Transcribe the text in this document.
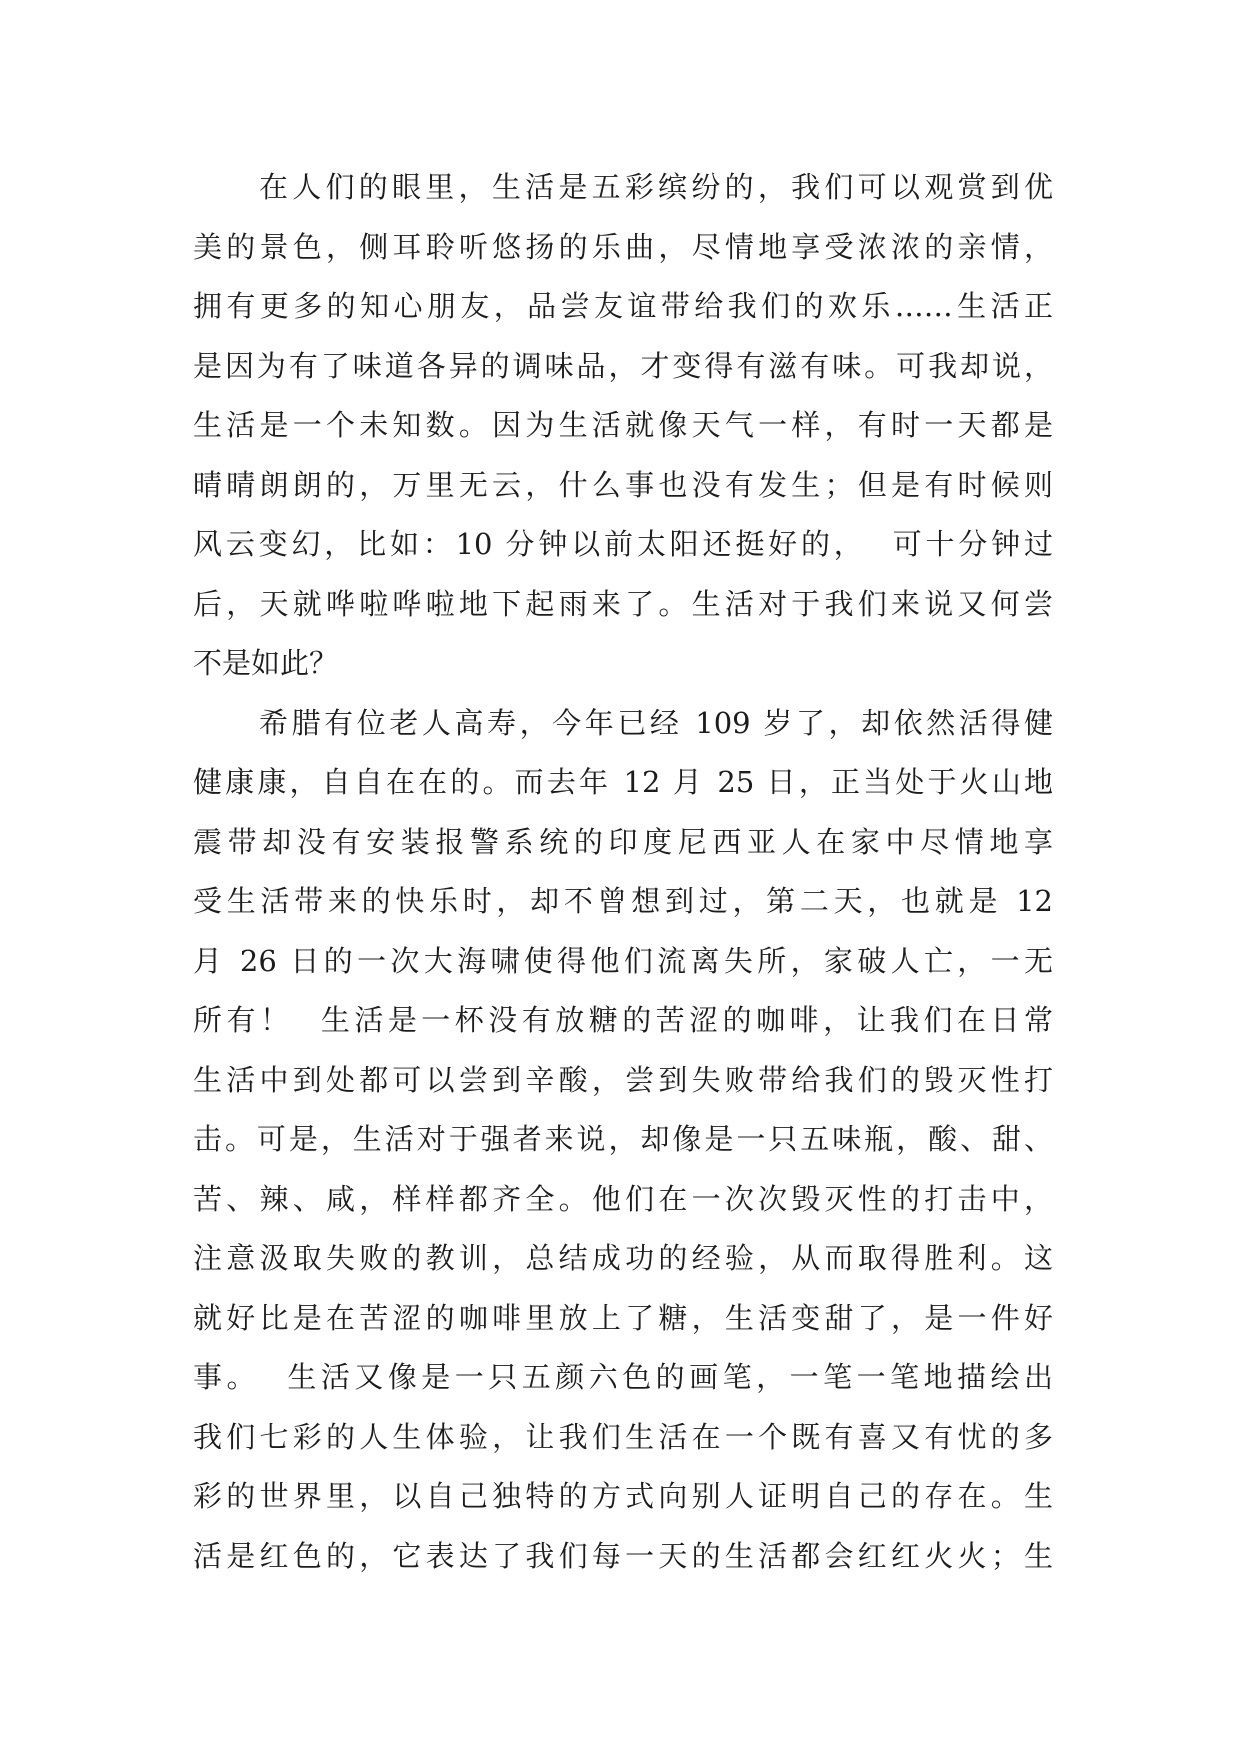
在人们的眼里，生活是五彩缤纷的，我们可以观赏到优
美的景色，侧耳聆听悠扬的乐曲，尽情地享受浓浓的亲情，
拥有更多的知心朋友，品尝友谊带给我们的欢乐……生活正
是因为有了味道各异的调味品，才变得有滋有味。可我却说，
生活是一个未知数。因为生活就像天气一样，有时一天都是
晴晴朗朗的，万里无云，什么事也没有发生；但是有时候则
风云变幻，比如：10 分钟以前太阳还挺好的，  可十分钟过
后，天就哗啦哗啦地下起雨来了。生活对于我们来说又何尝
不是如此？
希腊有位老人高寿，今年已经 109 岁了，却依然活得健
健康康，自自在在的。而去年 12 月 25 日，正当处于火山地
震带却没有安装报警系统的印度尼西亚人在家中尽情地享
受生活带来的快乐时，却不曾想到过，第二天，也就是 12
月 26 日的一次大海啸使得他们流离失所，家破人亡，一无
所有！  生活是一杯没有放糖的苦涩的咖啡，让我们在日常
生活中到处都可以尝到辛酸，尝到失败带给我们的毁灭性打
击。可是，生活对于强者来说，却像是一只五味瓶，酸、甜、
苦、辣、咸，样样都齐全。他们在一次次毁灭性的打击中，
注意汲取失败的教训，总结成功的经验，从而取得胜利。这
就好比是在苦涩的咖啡里放上了糖，生活变甜了，是一件好
事。  生活又像是一只五颜六色的画笔，一笔一笔地描绘出
我们七彩的人生体验，让我们生活在一个既有喜又有忧的多
彩的世界里，以自己独特的方式向别人证明自己的存在。生
活是红色的，它表达了我们每一天的生活都会红红火火；生
